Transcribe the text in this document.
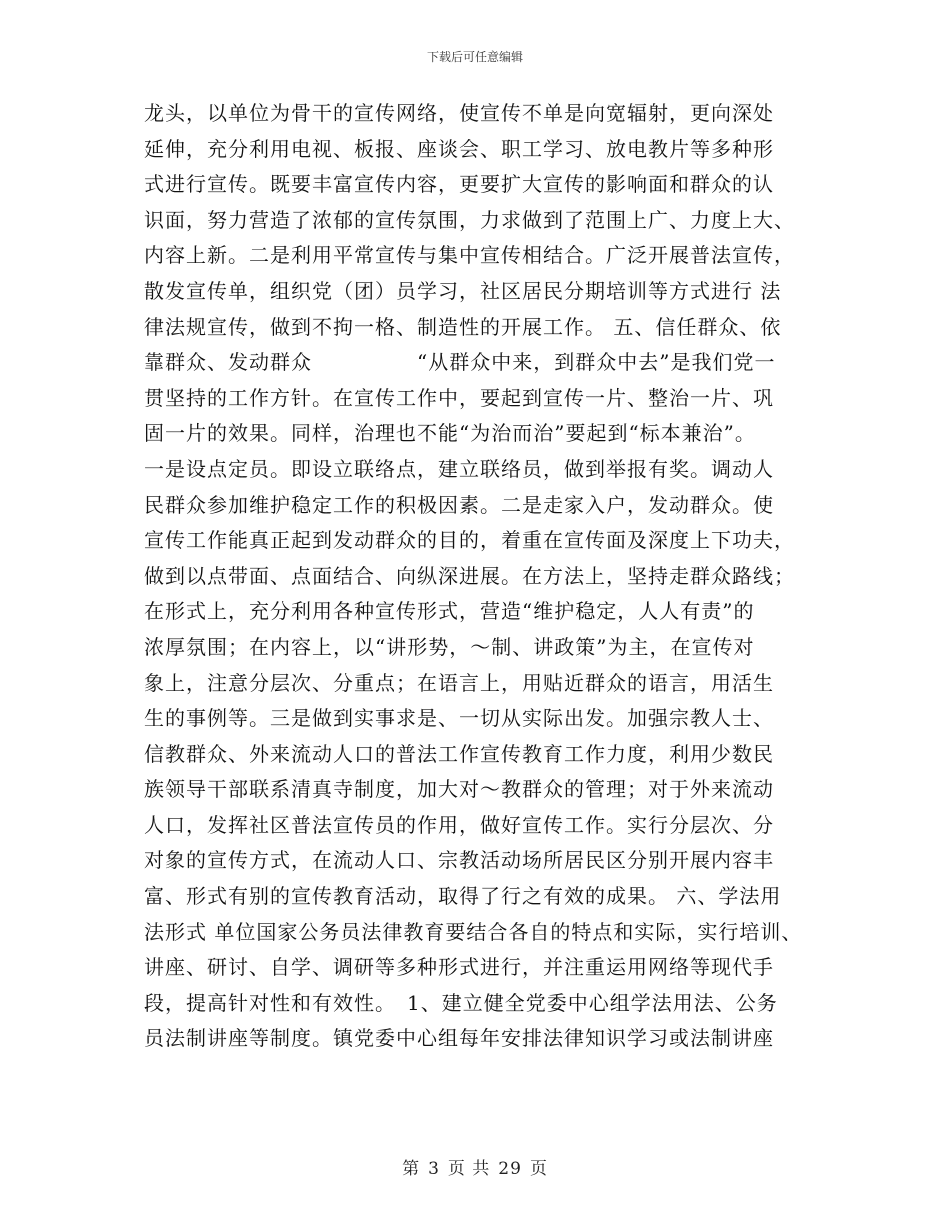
下载后可任意编辑
龙头，以单位为骨干的宣传网络，使宣传不单是向宽辐射，更向深处
延伸，充分利用电视、板报、座谈会、职工学习、放电教片等多种形
式进行宣传。既要丰富宣传内容，更要扩大宣传的影响面和群众的认
识面，努力营造了浓郁的宣传氛围，力求做到了范围上广、力度上大、
内容上新。二是利用平常宣传与集中宣传相结合。广泛开展普法宣传，
散发宣传单，组织党（团）员学习，社区居民分期培训等方式进行 法
律法规宣传，做到不拘一格、制造性的开展工作。 五、信任群众、依
靠群众、发动群众　　　　　“从群众中来，到群众中去”是我们党一
贯坚持的工作方针。在宣传工作中，要起到宣传一片、整治一片、巩
固一片的效果。同样，治理也不能“为治而治”要起到“标本兼治”。
一是设点定员。即设立联络点，建立联络员，做到举报有奖。调动人
民群众参加维护稳定工作的积极因素。二是走家入户，发动群众。使
宣传工作能真正起到发动群众的目的，着重在宣传面及深度上下功夫，
做到以点带面、点面结合、向纵深进展。在方法上，坚持走群众路线；
在形式上，充分利用各种宣传形式，营造“维护稳定，人人有责”的
浓厚氛围；在内容上，以“讲形势，～制、讲政策”为主，在宣传对
象上，注意分层次、分重点；在语言上，用贴近群众的语言，用活生
生的事例等。三是做到实事求是、一切从实际出发。加强宗教人士、
信教群众、外来流动人口的普法工作宣传教育工作力度，利用少数民
族领导干部联系清真寺制度，加大对～教群众的管理；对于外来流动
人口，发挥社区普法宣传员的作用，做好宣传工作。实行分层次、分
对象的宣传方式，在流动人口、宗教活动场所居民区分别开展内容丰
富、形式有别的宣传教育活动，取得了行之有效的成果。 六、学法用
法形式 单位国家公务员法律教育要结合各自的特点和实际，实行培训、
讲座、研讨、自学、调研等多种形式进行，并注重运用网络等现代手
段，提高针对性和有效性。　1、建立健全党委中心组学法用法、公务
员法制讲座等制度。镇党委中心组每年安排法律知识学习或法制讲座
第 3 页 共 29 页
